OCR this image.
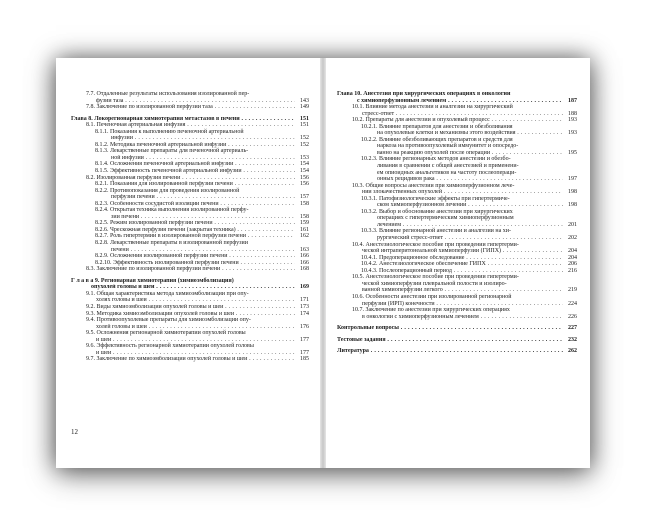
7.7. Отдаленные результаты использования изолированной пер-
фузии таза . . .	143
7.8. Заключение по изолированной перфузии таза . . .	149
Глава 8. Локорегионарная химиотерапия метастазов в печени . . .	151
8.1. Печеночная артериальная инфузия . . .	151
8.1.1. Показания к выполнению печеночной артериальной
инфузии . . .	152
8.1.2. Методика печеночной артериальной инфузии . . .	152
8.1.3. Лекарственные препараты для печеночной артериаль-
ной инфузии . . .	153
8.1.4. Осложнения печеночной артериальной инфузии . . .	154
8.1.5. Эффективность печеночной артериальной инфузии . . .	154
8.2. Изолированная перфузия печени . . .	156
8.2.1. Показания для изолированной перфузии печени . . .	156
8.2.2. Противопоказания для проведения изолированной
перфузии печени . . .	157
8.2.3. Особенности сосудистой изоляции печени . . .	158
8.2.4. Открытая техника выполнения изолированной перфу-
зии печени . . .	158
8.2.5. Режим изолированной перфузии печени . . .	159
8.2.6. Чрескожная перфузия печени (закрытая техника) . . .	161
8.2.7. Роль гипертермии в изолированной перфузии печени . . .	162
8.2.8. Лекарственные препараты в изолированной перфузии
печени . . .	163
8.2.9. Осложнения изолированной перфузии печени . . .	166
8.2.10. Эффективность изолированной перфузии печени . . .	166
8.3. Заключение по изолированной перфузии печени . . .	168
Г л а в а 9. Регионарная химиотерапия (химиоэмболизация)
опухолей головы и шеи . . .	169
9.1. Общая характеристика метода химиоэмболизации при опу-
холях головы и шеи . . .	171
9.2. Виды химиоэмболизации опухолей головы и шеи . . .	173
9.3. Методика химиоэмболизации опухолей головы и шеи . . .	174
9.4. Противоопухолевые препараты для химиоэмболизации опу-
холей головы и шеи . . .	176
9.5. Осложнения регионарной химиотерапии опухолей головы
и шеи . . .	177
9.6. Эффективность регионарной химиотерапии опухолей головы
и шеи . . .	177
9.7. Заключение по химиоэмболизации опухолей головы и шеи . . .	185
12
Глава 10. Анестезия при хирургических операциях в онкологии
с химиоперфузионным лечением . . .	187
10.1. Влияние метода анестезии и аналгезии на хирургический
стресс-ответ . . .	188
10.2. Препараты для анестезии и опухолевый процесс . . .	193
10.2.1. Влияние препаратов для анестезии и обезболивания
на опухолевые клетки и механизмы этого воздействия . . .	193
10.2.2. Влияние обезболивающих препаратов и средств для
наркоза на противоопухолевый иммунитет и опосредо-
ванно на реакцию опухолей после операции . . .	195
10.2.3. Влияние регионарных методов анестезии и обезбо-
ливания в сравнении с общей анестезией и применени-
ем опиоидных анальгетиков на частоту послеопераци-
онных рецидивов рака . . .	197
10.3. Общие вопросы анестезии при химиоперфузионном лече-
нии злокачественных опухолей . . .	198
10.3.1. Патофизиологические эффекты при гипертермиче-
ском химиоперфузионном лечении . . .	198
10.3.2. Выбор и обоснование анестезии при хирургических
операциях с гипертермическим химиоперфузионным
лечением . . .	201
10.3.3. Влияние регионарной анестезии и аналгезии на хи-
рургический стресс-ответ . . .	202
10.4. Анестезиологическое пособие при проведении гипертерми-
ческой интраперитонеальной химиоперфузии (ГИПХ) . . .	204
10.4.1. Предоперационное обследование . . .	204
10.4.2. Анестезиологическое обеспечение ГИПХ . . .	206
10.4.3. Послеоперационный период . . .	216
10.5. Анестезиологическое пособие при проведении гипертерми-
ческой химиоперфузии плевральной полости и изолиро-
ванной химиоперфузии легкого . . .	219
10.6. Особенности анестезии при изолированной регионарной
перфузии (ИРП) конечности . . .	224
10.7. Заключение по анестезии при хирургических операциях
в онкологии с химиоперфузионным лечением . . .	226
Контрольные вопросы . . .	227
Тестовые задания . . .	232
Литература . . .	262
